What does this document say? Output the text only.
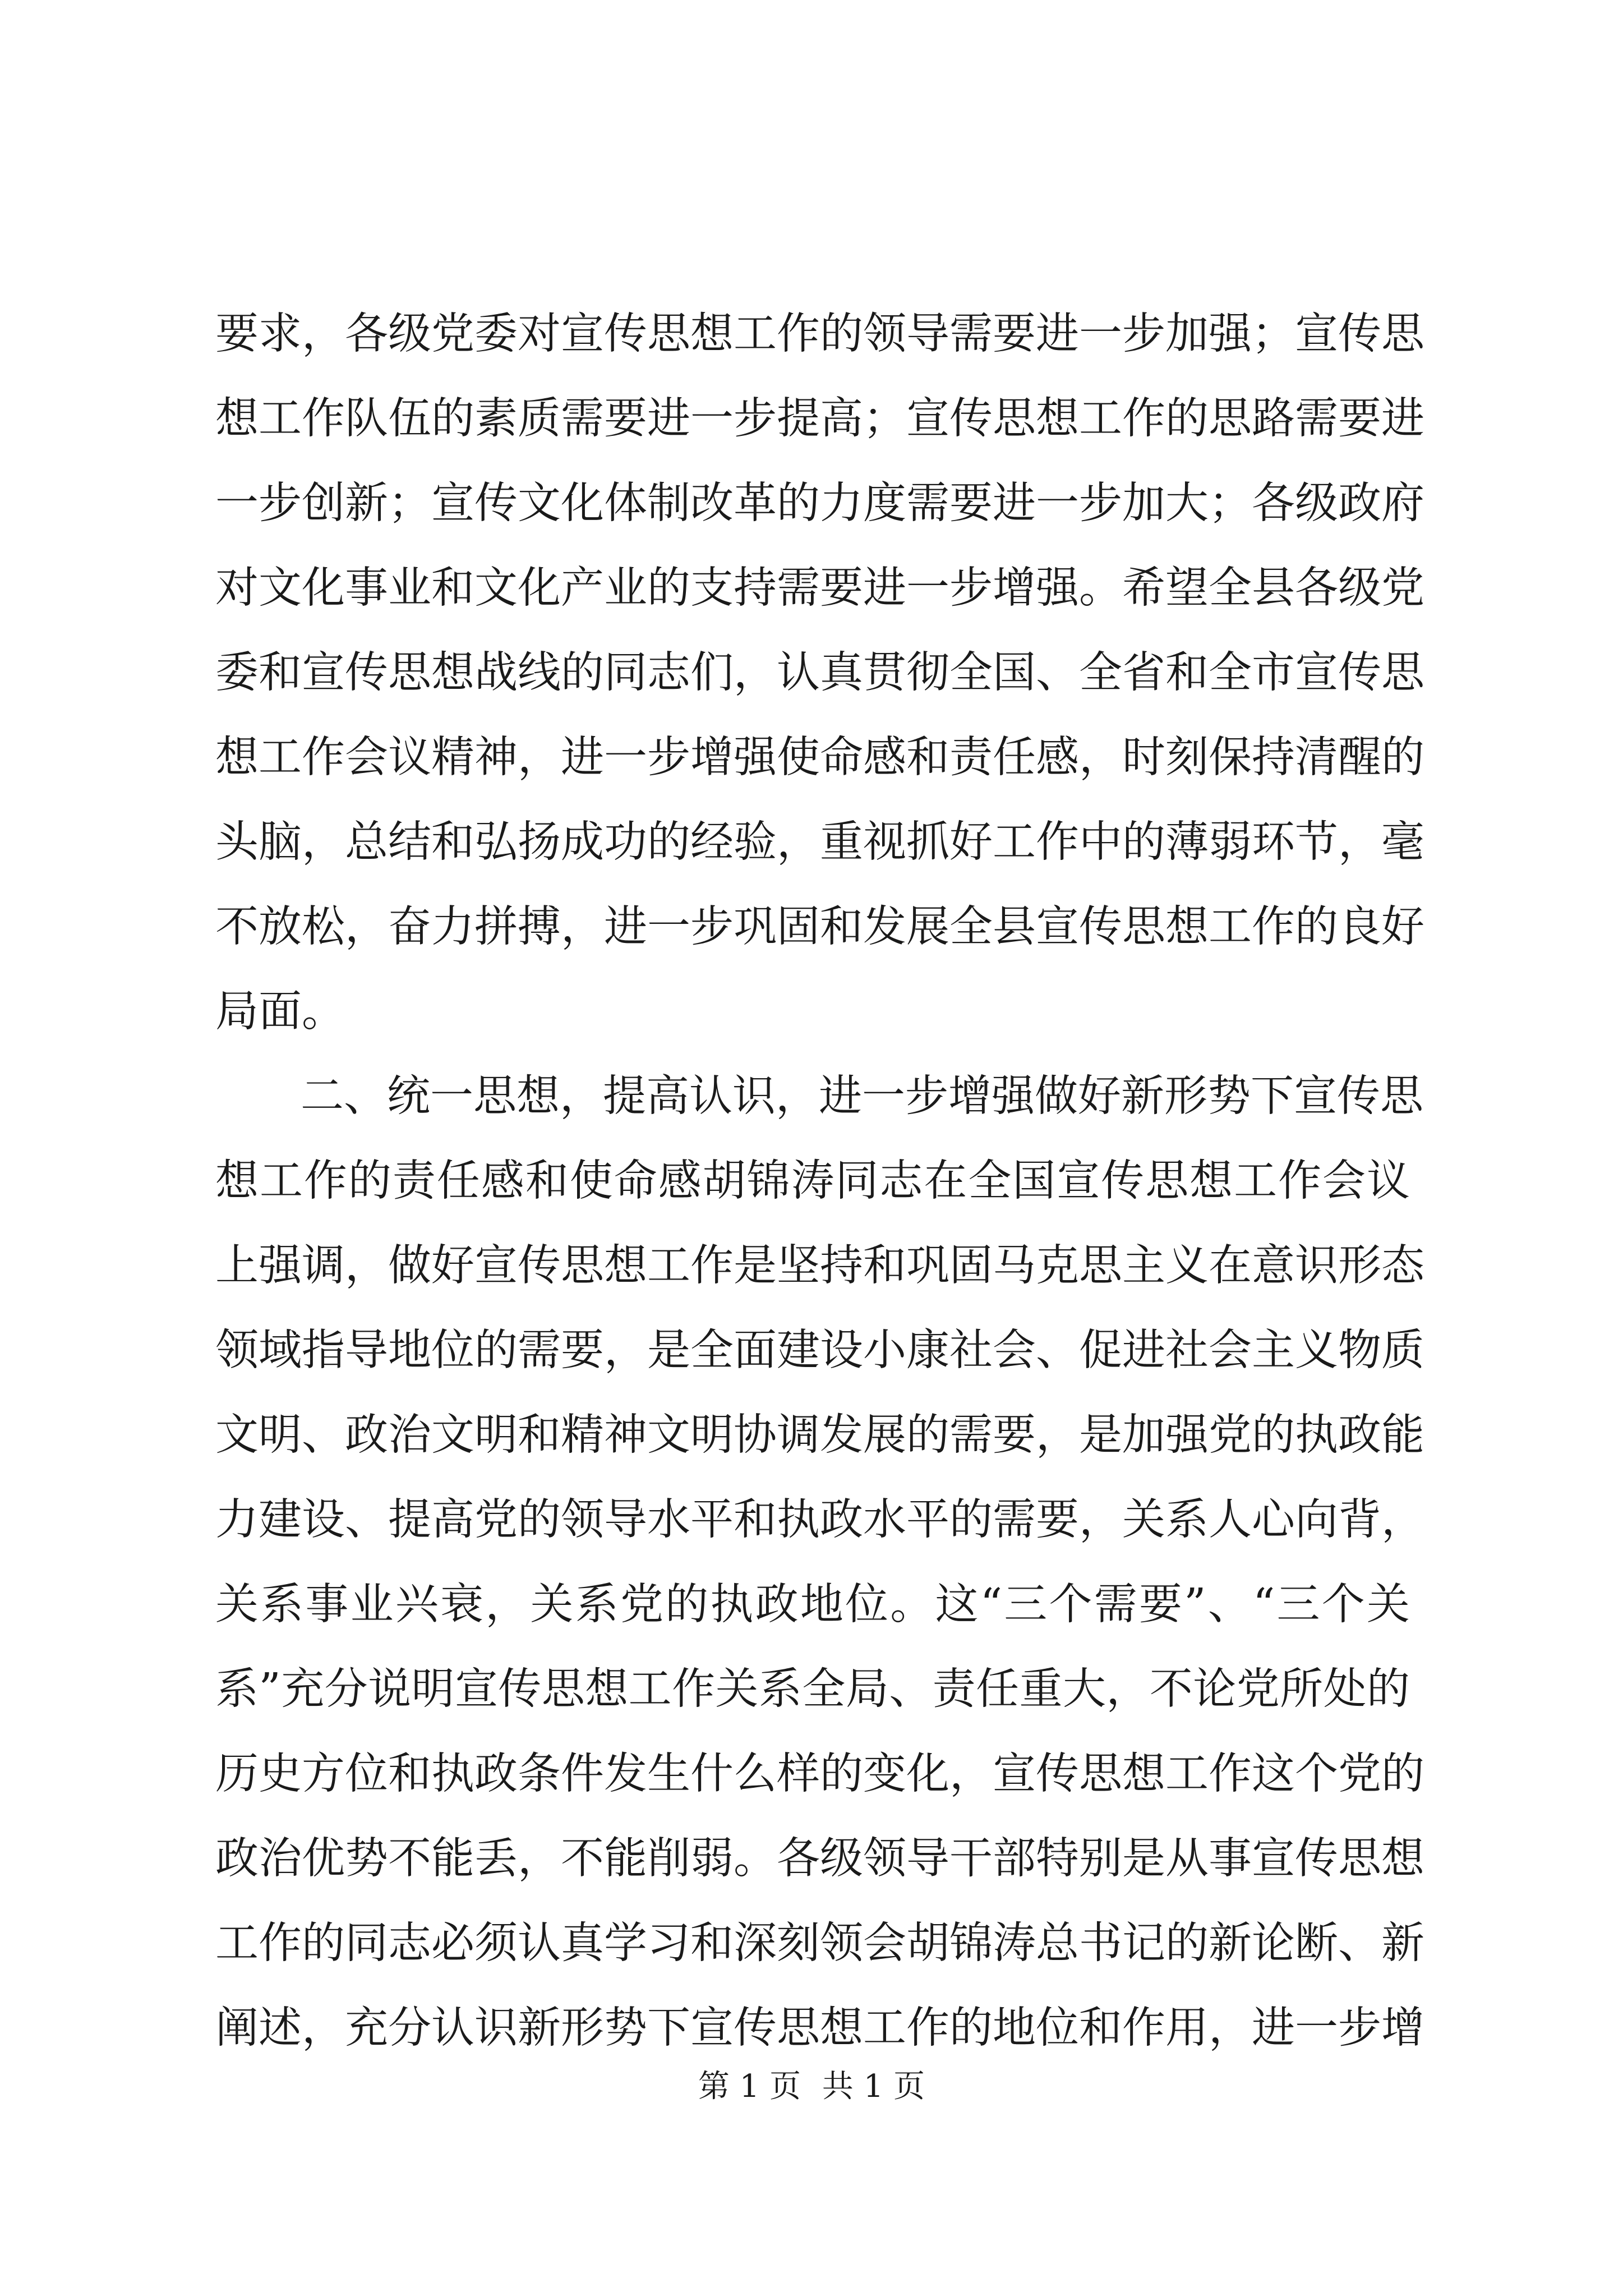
要求，各级党委对宣传思想工作的领导需要进一步加强；宣传思
想工作队伍的素质需要进一步提高；宣传思想工作的思路需要进
一步创新；宣传文化体制改革的力度需要进一步加大；各级政府
对文化事业和文化产业的支持需要进一步增强。希望全县各级党
委和宣传思想战线的同志们，认真贯彻全国、全省和全市宣传思
想工作会议精神，进一步增强使命感和责任感，时刻保持清醒的
头脑，总结和弘扬成功的经验，重视抓好工作中的薄弱环节，毫
不放松，奋力拼搏，进一步巩固和发展全县宣传思想工作的良好
局面。
二、统一思想，提高认识，进一步增强做好新形势下宣传思
想工作的责任感和使命感胡锦涛同志在全国宣传思想工作会议
上强调，做好宣传思想工作是坚持和巩固马克思主义在意识形态
领域指导地位的需要，是全面建设小康社会、促进社会主义物质
文明、政治文明和精神文明协调发展的需要，是加强党的执政能
力建设、提高党的领导水平和执政水平的需要，关系人心向背，
关系事业兴衰，关系党的执政地位。这“三个需要”、“三个关
系”充分说明宣传思想工作关系全局、责任重大，不论党所处的
历史方位和执政条件发生什么样的变化，宣传思想工作这个党的
政治优势不能丢，不能削弱。各级领导干部特别是从事宣传思想
工作的同志必须认真学习和深刻领会胡锦涛总书记的新论断、新
阐述，充分认识新形势下宣传思想工作的地位和作用，进一步增
第 1 页 共 1 页
